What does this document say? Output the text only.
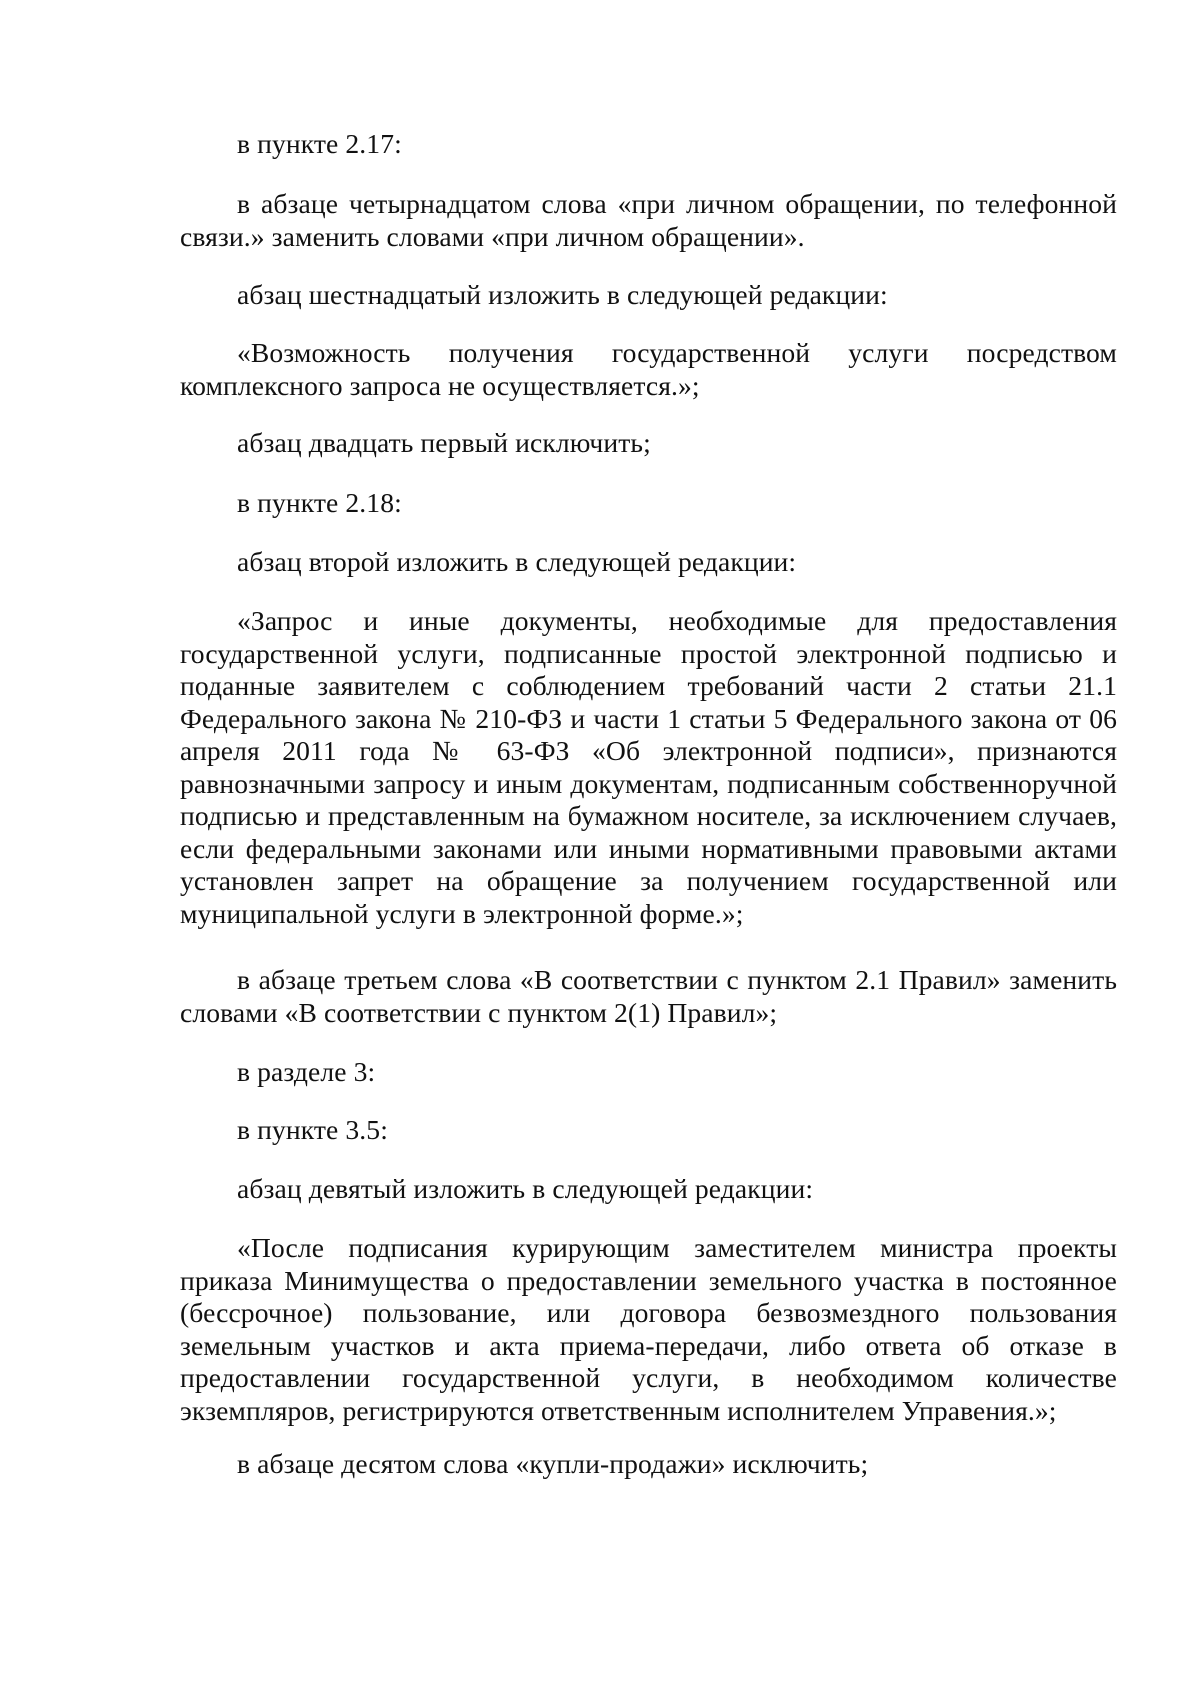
в пункте 2.17:

в абзаце четырнадцатом слова «при личном обращении, по телефонной связи.» заменить словами «при личном обращении».

абзац шестнадцатый изложить в следующей редакции:

«Возможность получения государственной услуги посредством комплексного запроса не осуществляется.»;

абзац двадцать первый исключить;

в пункте 2.18:

абзац второй изложить в следующей редакции:

«Запрос и иные документы, необходимые для предоставления государственной услуги, подписанные простой электронной подписью и поданные заявителем с соблюдением требований части 2 статьи 21.1 Федерального закона № 210-ФЗ и части 1 статьи 5 Федерального закона от 06 апреля 2011 года № 63-ФЗ «Об электронной подписи», признаются равнозначными запросу и иным документам, подписанным собственноручной подписью и представленным на бумажном носителе, за исключением случаев, если федеральными законами или иными нормативными правовыми актами установлен запрет на обращение за получением государственной или муниципальной услуги в электронной форме.»;

в абзаце третьем слова «В соответствии с пунктом 2.1 Правил» заменить словами «В соответствии с пунктом 2(1) Правил»;

в разделе 3:

в пункте 3.5:

абзац девятый изложить в следующей редакции:

«После подписания курирующим заместителем министра проекты приказа Минимущества о предоставлении земельного участка в постоянное (бессрочное) пользование, или договора безвозмездного пользования земельным участков и акта приема-передачи, либо ответа об отказе в предоставлении государственной услуги, в необходимом количестве экземпляров, регистрируются ответственным исполнителем Управения.»;

в абзаце десятом слова «купли-продажи» исключить;
